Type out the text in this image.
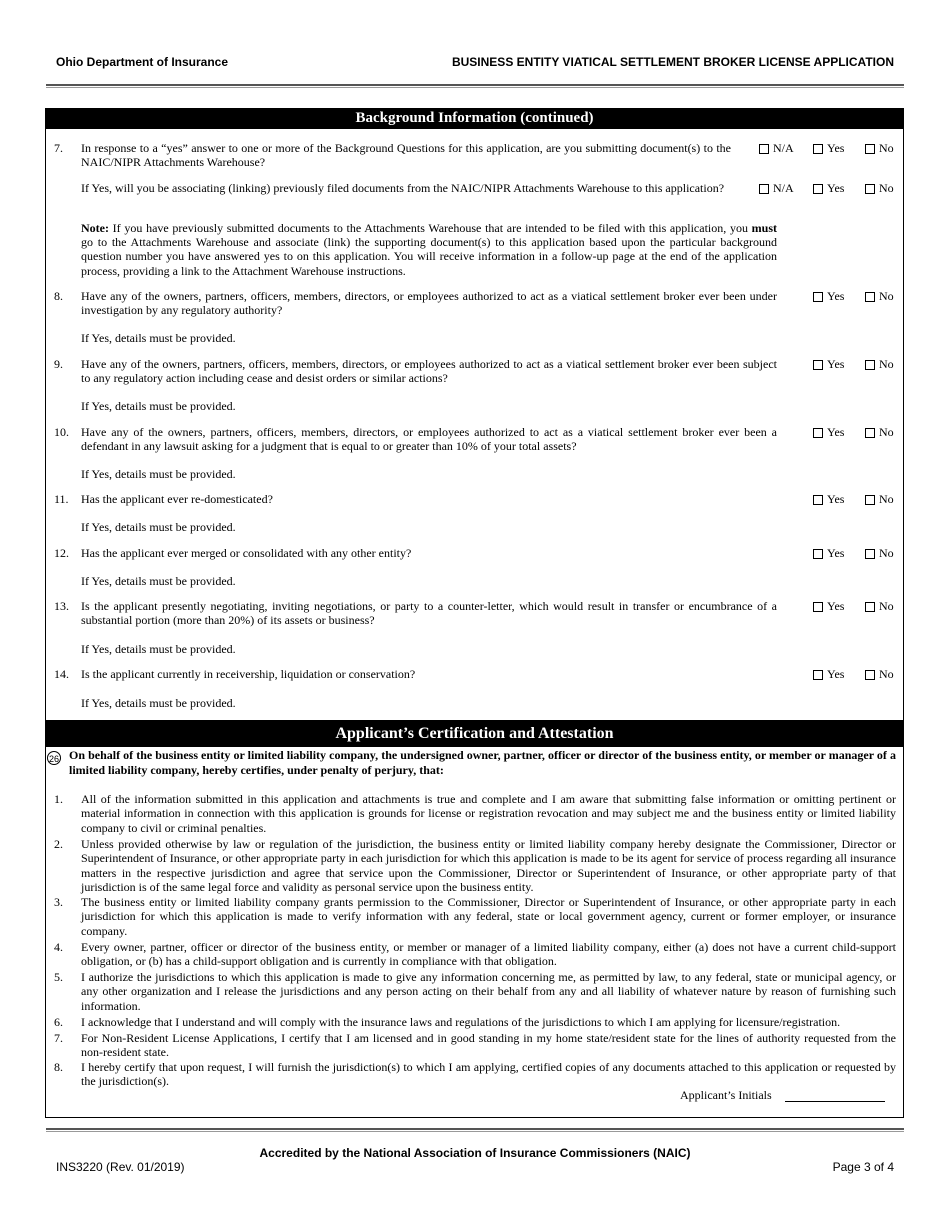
Ohio Department of Insurance	BUSINESS ENTITY VIATICAL SETTLEMENT BROKER LICENSE APPLICATION
Background Information (continued)
7. In response to a “yes” answer to one or more of the Background Questions for this application, are you submitting document(s) to the NAIC/NIPR Attachments Warehouse?
N/A	Yes	No
If Yes, will you be associating (linking) previously filed documents from the NAIC/NIPR Attachments Warehouse to this application?	N/A	Yes	No
Note: If you have previously submitted documents to the Attachments Warehouse that are intended to be filed with this application, you must go to the Attachments Warehouse and associate (link) the supporting document(s) to this application based upon the particular background question number you have answered yes to on this application. You will receive information in a follow-up page at the end of the application process, providing a link to the Attachment Warehouse instructions.
8. Have any of the owners, partners, officers, members, directors, or employees authorized to act as a viatical settlement broker ever been under investigation by any regulatory authority?
Yes	No
If Yes, details must be provided.
9. Have any of the owners, partners, officers, members, directors, or employees authorized to act as a viatical settlement broker ever been subject to any regulatory action including cease and desist orders or similar actions?
Yes	No
If Yes, details must be provided.
10. Have any of the owners, partners, officers, members, directors, or employees authorized to act as a viatical settlement broker ever been a defendant in any lawsuit asking for a judgment that is equal to or greater than 10% of your total assets?
Yes	No
If Yes, details must be provided.
11. Has the applicant ever re-domesticated?	Yes	No
If Yes, details must be provided.
12. Has the applicant ever merged or consolidated with any other entity?	Yes	No
If Yes, details must be provided.
13. Is the applicant presently negotiating, inviting negotiations, or party to a counter-letter, which would result in transfer or encumbrance of a substantial portion (more than 20%) of its assets or business?
Yes	No
If Yes, details must be provided.
14. Is the applicant currently in receivership, liquidation or conservation?	Yes	No
If Yes, details must be provided.
Applicant’s Certification and Attestation
26 On behalf of the business entity or limited liability company, the undersigned owner, partner, officer or director of the business entity, or member or manager of a limited liability company, hereby certifies, under penalty of perjury, that:
1. All of the information submitted in this application and attachments is true and complete and I am aware that submitting false information or omitting pertinent or material information in connection with this application is grounds for license or registration revocation and may subject me and the business entity or limited liability company to civil or criminal penalties.
2. Unless provided otherwise by law or regulation of the jurisdiction, the business entity or limited liability company hereby designate the Commissioner, Director or Superintendent of Insurance, or other appropriate party in each jurisdiction for which this application is made to be its agent for service of process regarding all insurance matters in the respective jurisdiction and agree that service upon the Commissioner, Director or Superintendent of Insurance, or other appropriate party of that jurisdiction is of the same legal force and validity as personal service upon the business entity.
3. The business entity or limited liability company grants permission to the Commissioner, Director or Superintendent of Insurance, or other appropriate party in each jurisdiction for which this application is made to verify information with any federal, state or local government agency, current or former employer, or insurance company.
4. Every owner, partner, officer or director of the business entity, or member or manager of a limited liability company, either (a) does not have a current child-support obligation, or (b) has a child-support obligation and is currently in compliance with that obligation.
5. I authorize the jurisdictions to which this application is made to give any information concerning me, as permitted by law, to any federal, state or municipal agency, or any other organization and I release the jurisdictions and any person acting on their behalf from any and all liability of whatever nature by reason of furnishing such information.
6. I acknowledge that I understand and will comply with the insurance laws and regulations of the jurisdictions to which I am applying for licensure/registration.
7. For Non-Resident License Applications, I certify that I am licensed and in good standing in my home state/resident state for the lines of authority requested from the non-resident state.
8. I hereby certify that upon request, I will furnish the jurisdiction(s) to which I am applying, certified copies of any documents attached to this application or requested by the jurisdiction(s).
Applicant’s Initials
Accredited by the National Association of Insurance Commissioners (NAIC)
INS3220 (Rev. 01/2019)	Page 3 of 4
